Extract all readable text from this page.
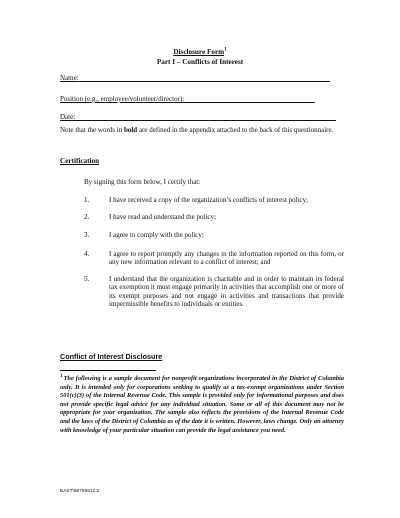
Disclosure Form$^1$
Part I – Conflicts of Interest
Name:
Position (e.g., employee/volunteer/director):
Date:
Note that the words in bold are defined in the appendix attached to the back of this questionnaire.
Certification
By signing this form below, I certify that:
1.	I have received a copy of the organization’s conflicts of interest policy;
2.	I have read and understand the policy;
3.	I agree to comply with the policy;
4.	I agree to report promptly any changes in the information reported on this form, or any new information relevant to a conflict of interest; and
5.	I understand that the organization is charitable and in order to maintain its federal tax exemption it must engage primarily in activities that accomplish one or more of its exempt purposes and not engage in activities and transactions that provide impermissible benefits to individuals or entities.
Conflict of Interest Disclosure
$^1$The following is a sample document for nonprofit organizations incorporated in the District of Columbia only. It is intended only for corporations seeking to qualify as a tax-exempt organizations under Section 501(c)(3) of the Internal Revenue Code. This sample is provided only for informational purposes and does not provide specific legal advice for any individual situation. Some or all of this document may not be appropriate for your organization. The sample also reflects the provisions of the Internal Revenue Code and the laws of the District of Columbia as of the date it is written. However, laws change. Only an attorney with knowledge of your particular situation can provide the legal assistance you need.
EAST\58769812.2
